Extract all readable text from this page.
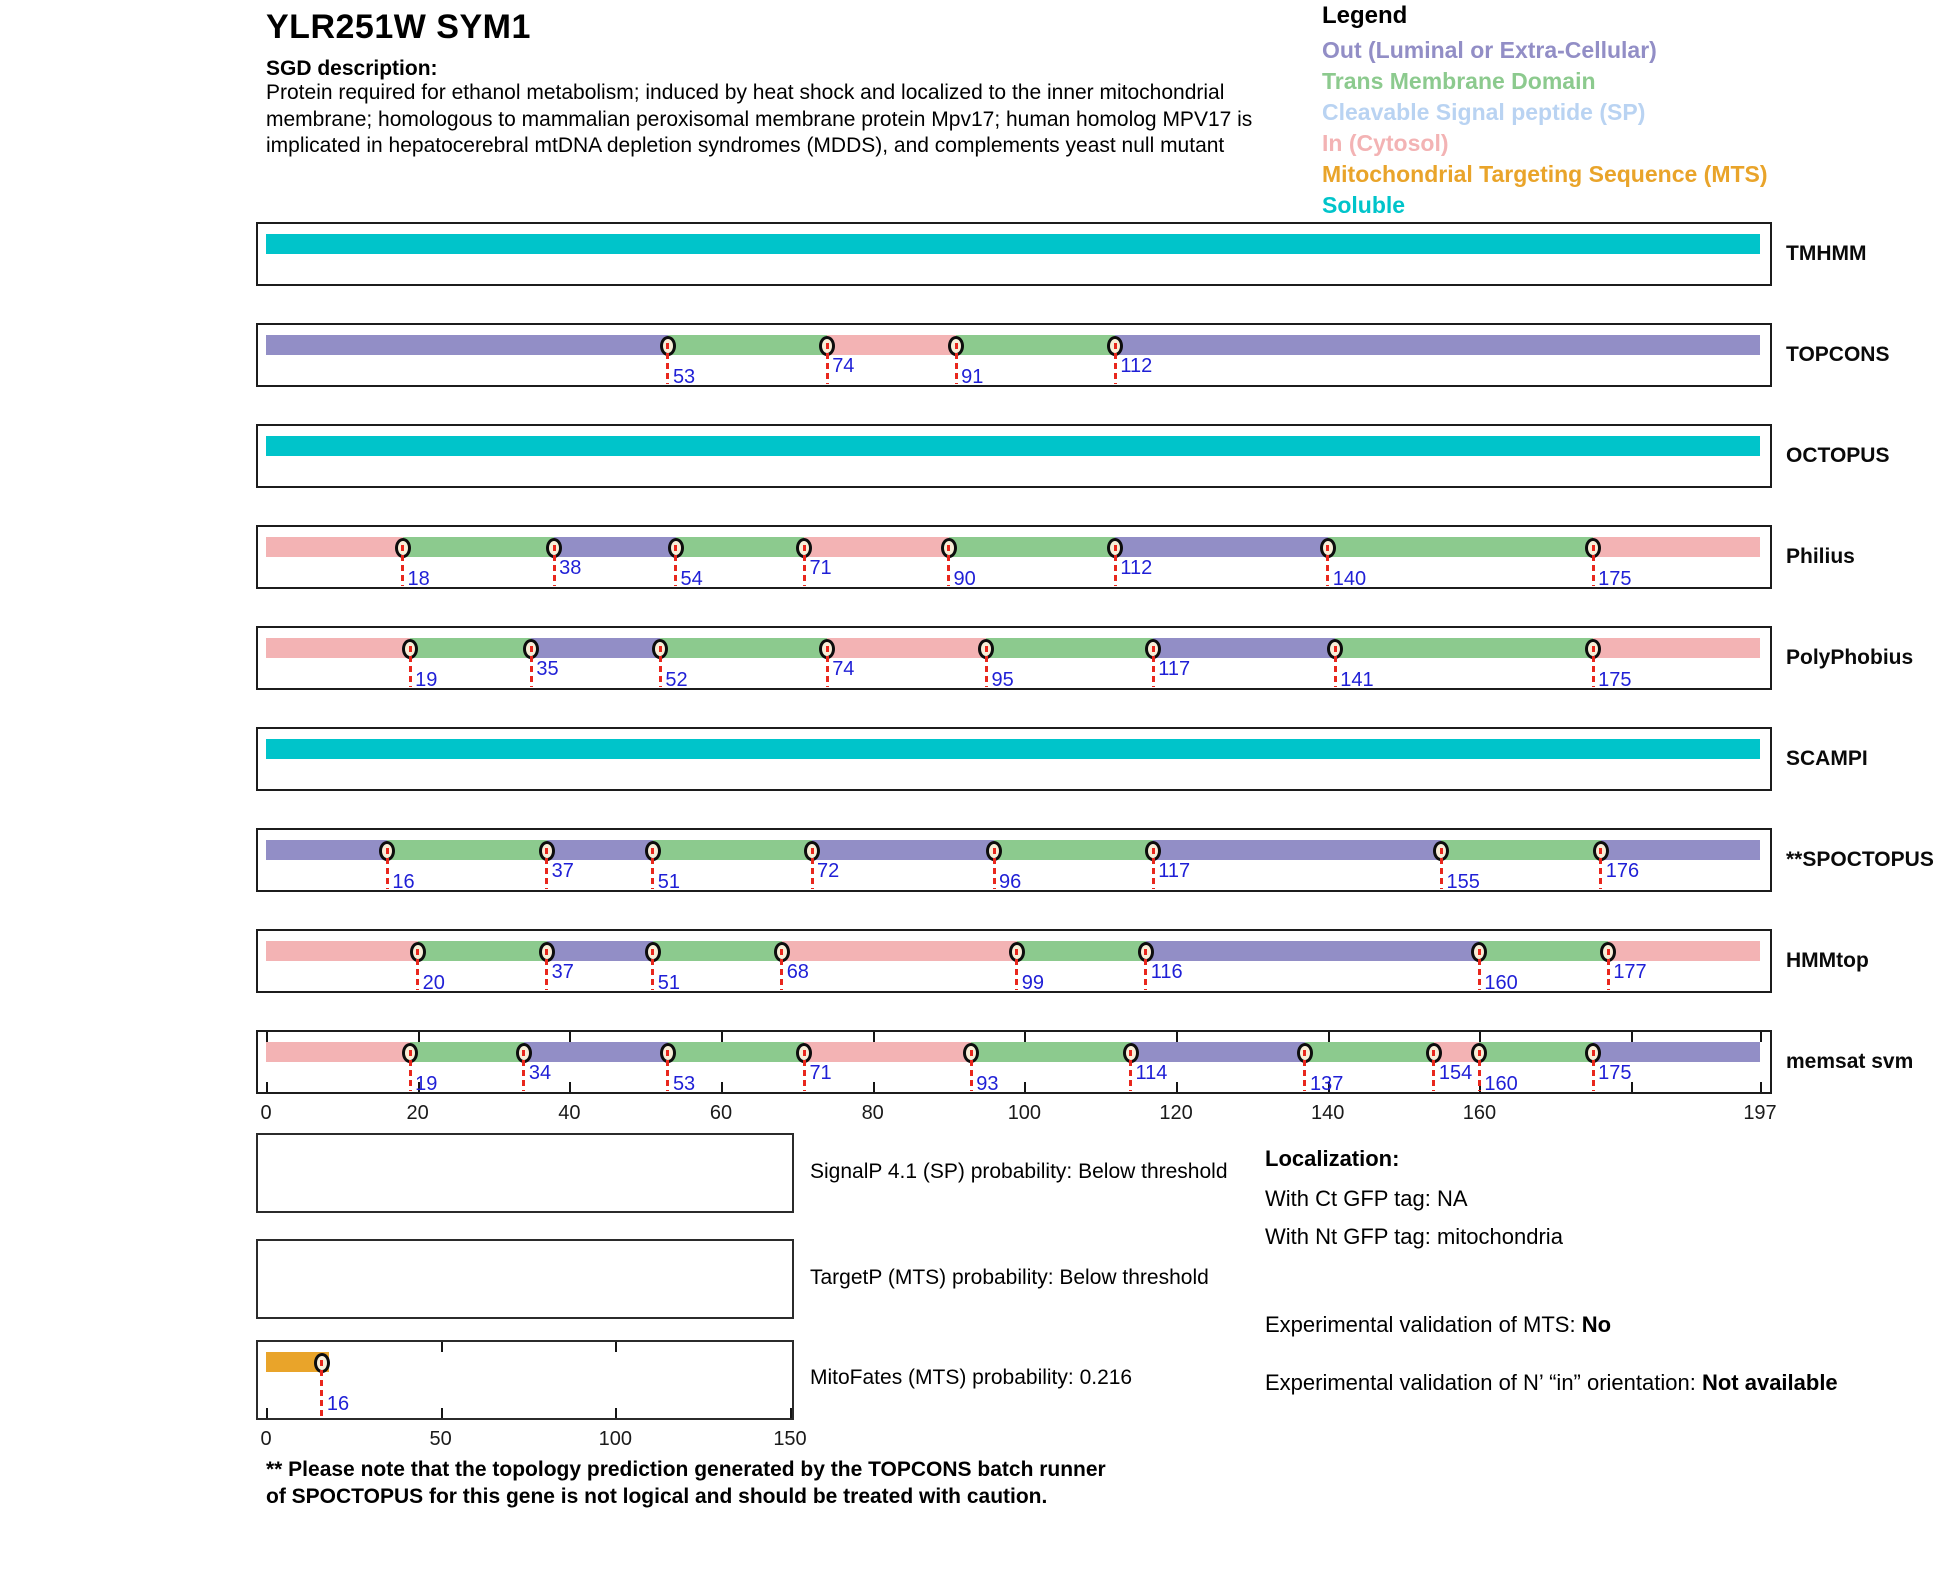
YLR251W SYM1
SGD description:
Protein required for ethanol metabolism; induced by heat shock and localized to the inner mitochondrial membrane; homologous to mammalian peroxisomal membrane protein Mpv17; human homolog MPV17 is implicated in hepatocerebral mtDNA depletion syndromes (MDDS), and complements yeast null mutant
Legend
Out (Luminal or Extra-Cellular)
Trans Membrane Domain
Cleavable Signal peptide (SP)
In (Cytosol)
Mitochondrial Targeting Sequence (MTS)
Soluble
16
SignalP 4.1 (SP) probability: Below threshold
TargetP (MTS) probability: Below threshold
MitoFates (MTS) probability: 0.216
Localization:
With Ct GFP tag: NA
With Nt GFP tag: mitochondria
Experimental validation of MTS: No
Experimental validation of N’ “in” orientation: Not available
** Please note that the topology prediction generated by the TOPCONS batch runner of SPOCTOPUS for this gene is not logical and should be treated with caution.
TMHMM
53	74	91	112	TOPCONS
OCTOPUS
18	38	54	71	90	112	140	175
Philius
19	35	52	74	95	117	141	175
PolyPhobius
SCAMPI
16	37	51	72	96	117	155	176	**SPOCTOPUS
20	37	51	68	99	116	160	177	HMMtop
19	34	53	71	93	114	137	154 160	175	memsat svm
0	20	40	60	80	100	120	140	160	197
0	50	100	150
